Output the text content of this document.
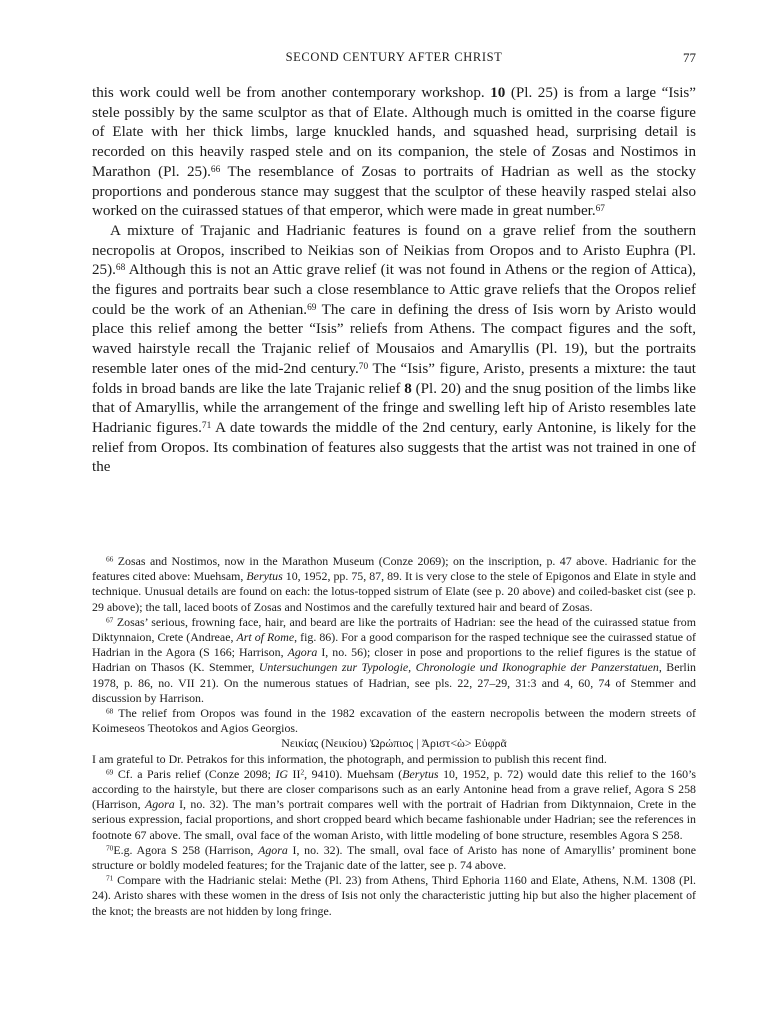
SECOND CENTURY AFTER CHRIST	77

this work could well be from another contemporary workshop. 10 (Pl. 25) is from a large “Isis” stele possibly by the same sculptor as that of Elate. Although much is omitted in the coarse figure of Elate with her thick limbs, large knuckled hands, and squashed head, surprising detail is recorded on this heavily rasped stele and on its companion, the stele of Zosas and Nostimos in Marathon (Pl. 25).$^{66}$ The resemblance of Zosas to portraits of Hadrian as well as the stocky proportions and ponderous stance may suggest that the sculptor of these heavily rasped stelai also worked on the cuirassed statues of that emperor, which were made in great number.$^{67}$

A mixture of Trajanic and Hadrianic features is found on a grave relief from the southern necropolis at Oropos, inscribed to Neikias son of Neikias from Oropos and to Aristo Euphra (Pl. 25).$^{68}$ Although this is not an Attic grave relief (it was not found in Athens or the region of Attica), the figures and portraits bear such a close resemblance to Attic grave reliefs that the Oropos relief could be the work of an Athenian.$^{69}$ The care in defining the dress of Isis worn by Aristo would place this relief among the better “Isis” reliefs from Athens. The compact figures and the soft, waved hairstyle recall the Trajanic relief of Mousaios and Amaryllis (Pl. 19), but the portraits resemble later ones of the mid-2nd century.$^{70}$ The “Isis” figure, Aristo, presents a mixture: the taut folds in broad bands are like the late Trajanic relief 8 (Pl. 20) and the snug position of the limbs like that of Amaryllis, while the arrangement of the fringe and swelling left hip of Aristo resembles late Hadrianic figures.$^{71}$ A date towards the middle of the 2nd century, early Antonine, is likely for the relief from Oropos. Its combination of features also suggests that the artist was not trained in one of the

$^{66}$ Zosas and Nostimos, now in the Marathon Museum (Conze 2069); on the inscription, p. 47 above. Hadrianic for the features cited above: Muehsam, Berytus 10, 1952, pp. 75, 87, 89. It is very close to the stele of Epigonos and Elate in style and technique. Unusual details are found on each: the lotus-topped sistrum of Elate (see p. 20 above) and coiled-basket cist (see p. 29 above); the tall, laced boots of Zosas and Nostimos and the carefully textured hair and beard of Zosas.

$^{67}$ Zosas’ serious, frowning face, hair, and beard are like the portraits of Hadrian: see the head of the cuirassed statue from Diktynnaion, Crete (Andreae, Art of Rome, fig. 86). For a good comparison for the rasped technique see the cuirassed statue of Hadrian in the Agora (S 166; Harrison, Agora I, no. 56); closer in pose and proportions to the relief figures is the statue of Hadrian on Thasos (K. Stemmer, Untersuchungen zur Typologie, Chronologie und Ikonographie der Panzerstatuen, Berlin 1978, p. 86, no. VII 21). On the numerous statues of Hadrian, see pls. 22, 27–29, 31:3 and 4, 60, 74 of Stemmer and discussion by Harrison.

$^{68}$ The relief from Oropos was found in the 1982 excavation of the eastern necropolis between the modern streets of Koimeseos Theotokos and Agios Georgios.

Νεικίας (Νεικίου) Ὠρώπιος | Ἀριστ<ὼ> Εὐφρᾶ

I am grateful to Dr. Petrakos for this information, the photograph, and permission to publish this recent find.

$^{69}$ Cf. a Paris relief (Conze 2098; IG $II^2$, 9410). Muehsam (Berytus 10, 1952, p. 72) would date this relief to the 160’s according to the hairstyle, but there are closer comparisons such as an early Antonine head from a grave relief, Agora S 258 (Harrison, Agora I, no. 32). The man’s portrait compares well with the portrait of Hadrian from Diktynnaion, Crete in the serious expression, facial proportions, and short cropped beard which became fashionable under Hadrian; see the references in footnote 67 above. The small, oval face of the woman Aristo, with little modeling of bone structure, resembles Agora S 258.

$^{70}$E.g. Agora S 258 (Harrison, Agora I, no. 32). The small, oval face of Aristo has none of Amaryllis’ prominent bone structure or boldly modeled features; for the Trajanic date of the latter, see p. 74 above.

$^{71}$ Compare with the Hadrianic stelai: Methe (Pl. 23) from Athens, Third Ephoria 1160 and Elate, Athens, N.M. 1308 (Pl. 24). Aristo shares with these women in the dress of Isis not only the characteristic jutting hip but also the higher placement of the knot; the breasts are not hidden by long fringe.
